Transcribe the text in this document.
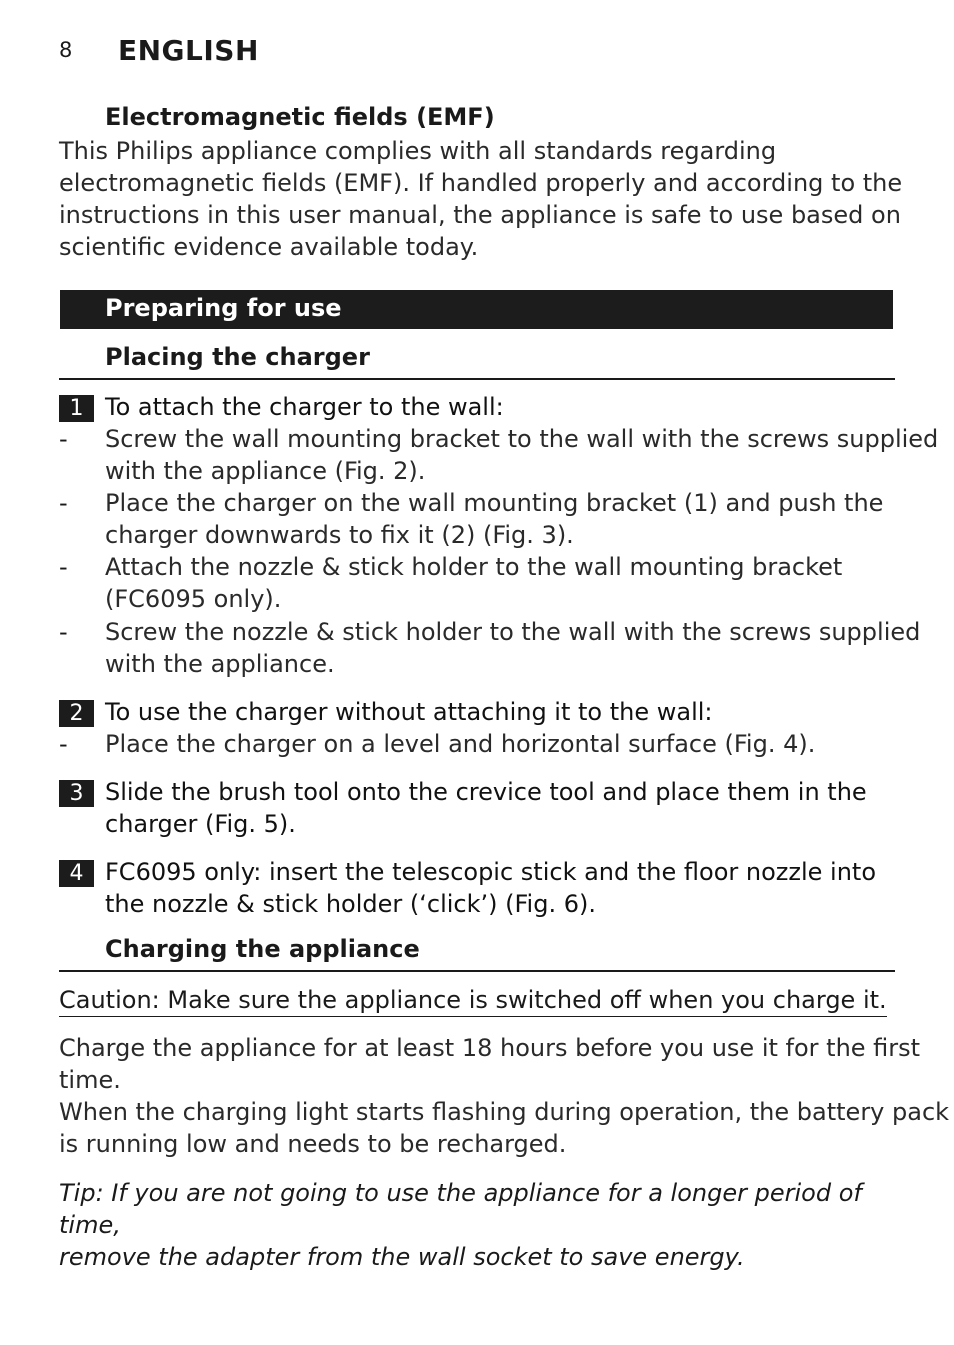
8 ENGLISH
Electromagnetic fields (EMF)
This Philips appliance complies with all standards regarding
electromagnetic fields (EMF). If handled properly and according to the
instructions in this user manual, the appliance is safe to use based on
scientific evidence available today.
Preparing for use
Placing the charger
1 To attach the charger to the wall:
- Screw the wall mounting bracket to the wall with the screws supplied
with the appliance (Fig. 2).
- Place the charger on the wall mounting bracket (1) and push the
charger downwards to fix it (2) (Fig. 3).
- Attach the nozzle & stick holder to the wall mounting bracket
(FC6095 only).
- Screw the nozzle & stick holder to the wall with the screws supplied
with the appliance.
2 To use the charger without attaching it to the wall:
- Place the charger on a level and horizontal surface (Fig. 4).
3 Slide the brush tool onto the crevice tool and place them in the
charger (Fig. 5).
4 FC6095 only: insert the telescopic stick and the floor nozzle into
the nozzle & stick holder (‘click’) (Fig. 6).
Charging the appliance
Caution: Make sure the appliance is switched off when you charge it.
Charge the appliance for at least 18 hours before you use it for the first
time.
When the charging light starts flashing during operation, the battery pack
is running low and needs to be recharged.
Tip: If you are not going to use the appliance for a longer period of time,
remove the adapter from the wall socket to save energy.
